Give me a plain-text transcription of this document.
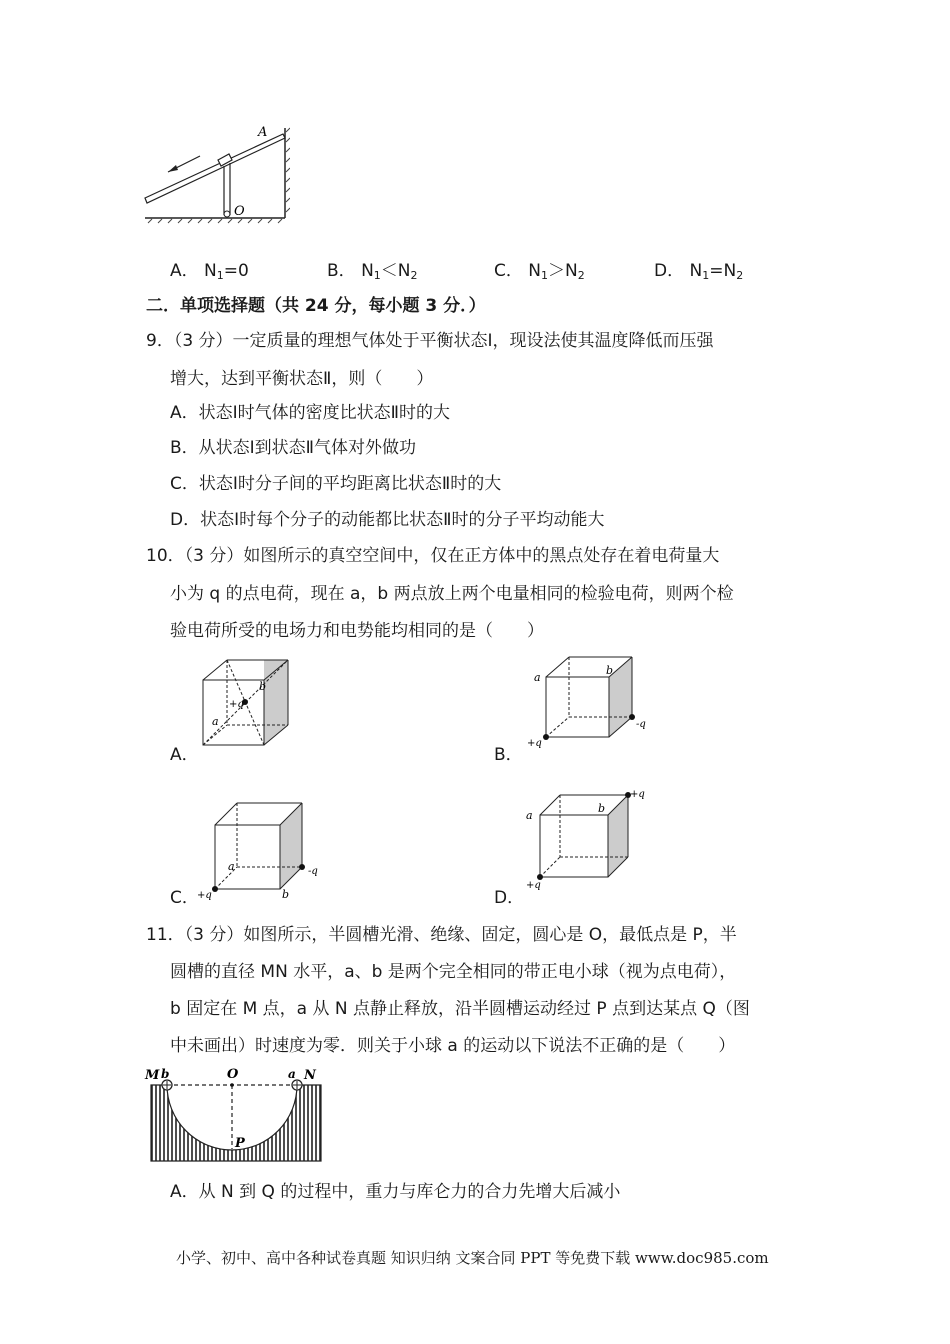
A
O
A． $N_1=0$	B． $N_1<N_2$	C． $N_1>N_2$	D． $N_1=N_2$
二．单项选择题（共 24 分，每小题 3 分．）
9．（3 分）一定质量的理想气体处于平衡状态Ⅰ，现设法使其温度降低而压强
增大，达到平衡状态Ⅱ，则（　　）
A．状态Ⅰ时气体的密度比状态Ⅱ时的大
B．从状态Ⅰ到状态Ⅱ气体对外做功
C．状态Ⅰ时分子间的平均距离比状态Ⅱ时的大
D．状态Ⅰ时每个分子的动能都比状态Ⅱ时的分子平均动能大
10．（3 分）如图所示的真空空间中，仅在正方体中的黑点处存在着电荷量大
小为 q 的点电荷，现在 a，b 两点放上两个电量相同的检验电荷，则两个检
验电荷所受的电场力和电势能均相同的是（　　）
+q
b
a
A．
+q
-q
a
b
B．
+q
-q
a
b
C．
+q
+q
a
b
D．
11．（3 分）如图所示，半圆槽光滑、绝缘、固定，圆心是 O，最低点是 P，半
圆槽的直径 MN 水平，a、b 是两个完全相同的带正电小球（视为点电荷），
b 固定在 M 点，a 从 N 点静止释放，沿半圆槽运动经过 P 点到达某点 Q（图
中未画出）时速度为零．则关于小球 a 的运动以下说法不正确的是（　　）
M b	O	a N
P
A．从 N 到 Q 的过程中，重力与库仑力的合力先增大后减小
小学、初中、高中各种试卷真题 知识归纳 文案合同 PPT 等免费下载 www.doc985.com
